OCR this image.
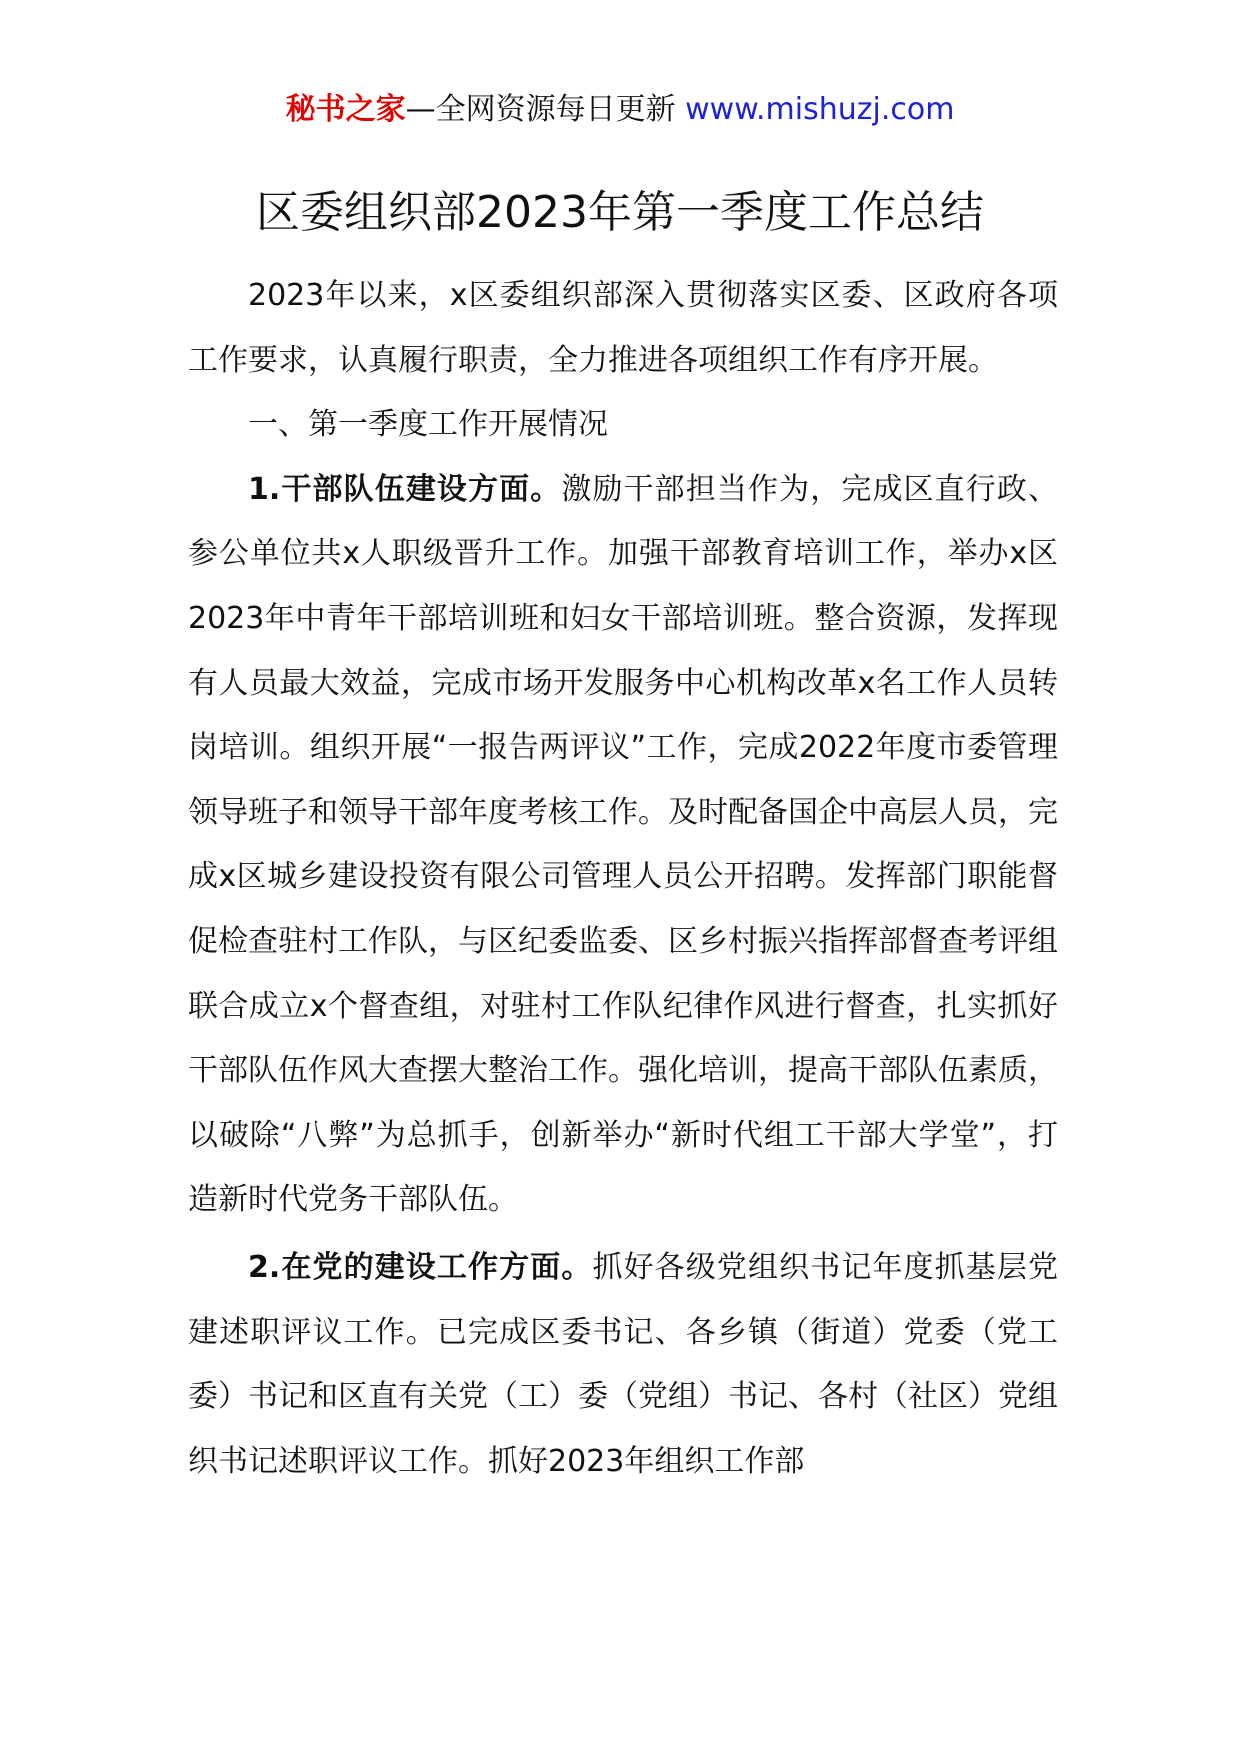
秘书之家—全网资源每日更新 www.mishuzj.com
区委组织部2023年第一季度工作总结

2023年以来，x区委组织部深入贯彻落实区委、区政府各项工作要求，认真履行职责，全力推进各项组织工作有序开展。

一、第一季度工作开展情况

1.干部队伍建设方面。激励干部担当作为，完成区直行政、参公单位共x人职级晋升工作。加强干部教育培训工作，举办x区2023年中青年干部培训班和妇女干部培训班。整合资源，发挥现有人员最大效益，完成市场开发服务中心机构改革x名工作人员转岗培训。组织开展“一报告两评议”工作，完成2022年度市委管理领导班子和领导干部年度考核工作。及时配备国企中高层人员，完成x区城乡建设投资有限公司管理人员公开招聘。发挥部门职能督促检查驻村工作队，与区纪委监委、区乡村振兴指挥部督查考评组联合成立x个督查组，对驻村工作队纪律作风进行督查，扎实抓好干部队伍作风大查摆大整治工作。强化培训，提高干部队伍素质，以破除“八弊”为总抓手，创新举办“新时代组工干部大学堂”，打造新时代党务干部队伍。

2.在党的建设工作方面。抓好各级党组织书记年度抓基层党建述职评议工作。已完成区委书记、各乡镇（街道）党委（党工委）书记和区直有关党（工）委（党组）书记、各村（社区）党组织书记述职评议工作。抓好2023年组织工作部
